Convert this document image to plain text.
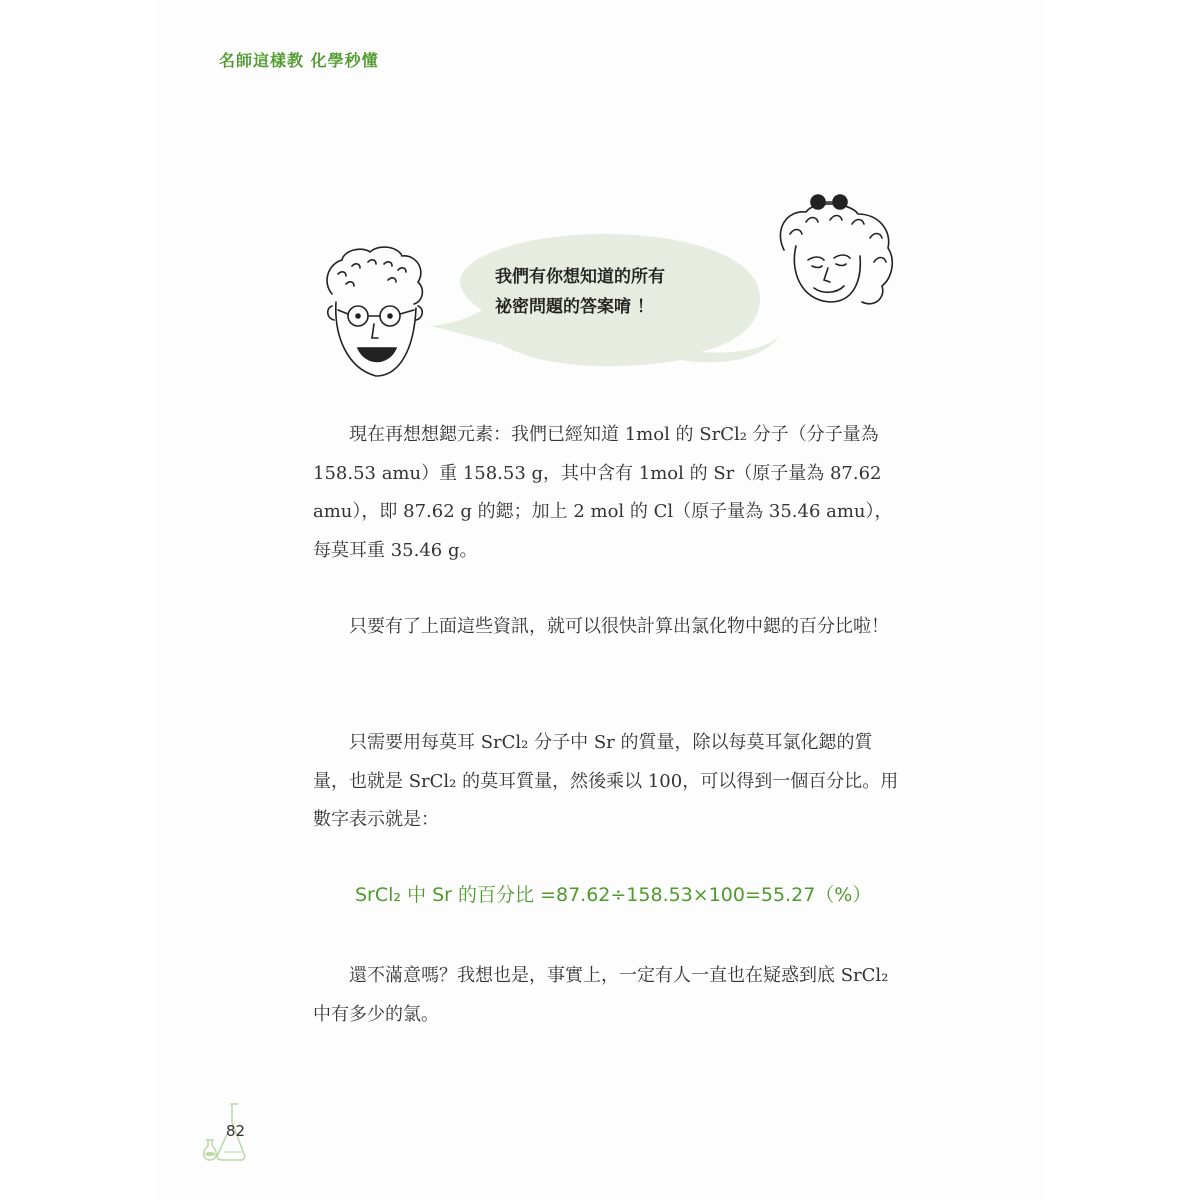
名師這樣教 化學秒懂
我們有你想知道的所有
祕密問題的答案唷 ！

　　現在再想想鍶元素：我們已經知道 1mol 的 SrCl₂ 分子（分子量為 158.53 amu）重 158.53 g，其中含有 1mol 的 Sr（原子量為 87.62 amu），即 87.62 g 的鍶；加上 2 mol 的 Cl（原子量為 35.46 amu），每莫耳重 35.46 g。

　　只要有了上面這些資訊，就可以很快計算出氯化物中鍶的百分比啦！

　　只需要用每莫耳 SrCl₂ 分子中 Sr 的質量，除以每莫耳氯化鍶的質量，也就是 SrCl₂ 的莫耳質量，然後乘以 100，可以得到一個百分比。用數字表示就是：

SrCl₂ 中 Sr 的百分比 =87.62÷158.53×100=55.27（%）

　　還不滿意嗎？我想也是，事實上，一定有人一直也在疑惑到底 SrCl₂ 中有多少的氯。

82
